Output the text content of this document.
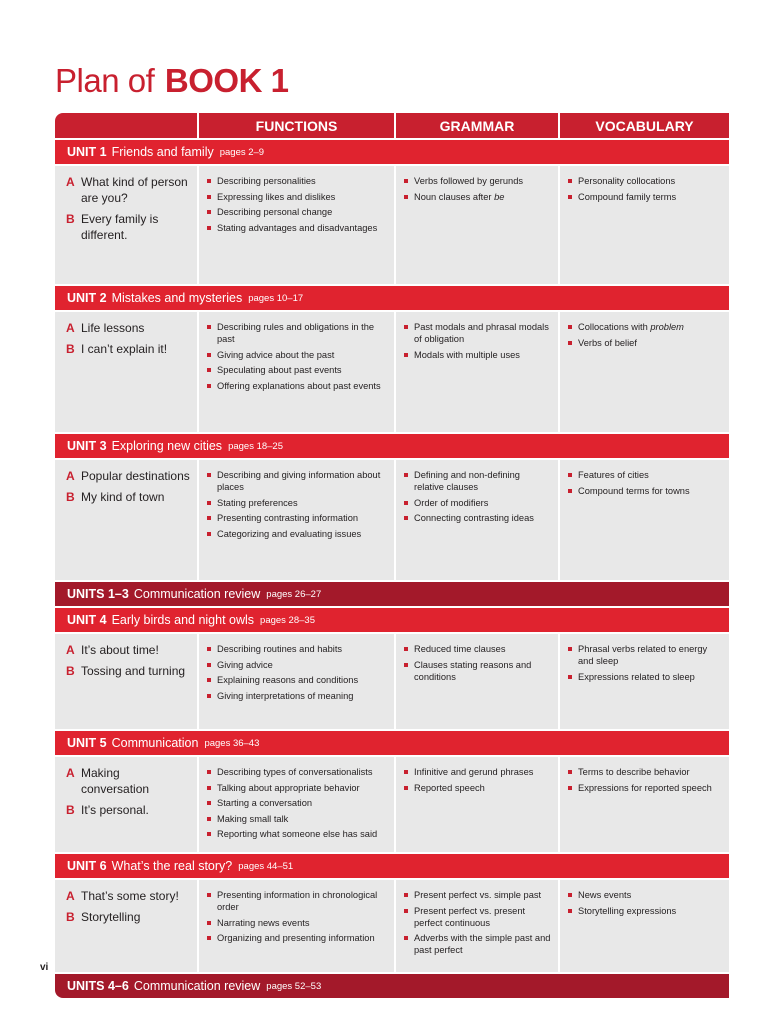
Plan of BOOK 1
FUNCTIONS	GRAMMAR	VOCABULARY
UNIT 1 Friends and family pages 2–9
A What kind of person are you?
B Every family is different.
Describing personalities
Expressing likes and dislikes
Describing personal change
Stating advantages and disadvantages
Verbs followed by gerunds
Noun clauses after be
Personality collocations
Compound family terms
UNIT 2 Mistakes and mysteries pages 10–17
A Life lessons
B I can’t explain it!
Describing rules and obligations in the past
Giving advice about the past
Speculating about past events
Offering explanations about past events
Past modals and phrasal modals of obligation
Modals with multiple uses
Collocations with problem
Verbs of belief
UNIT 3 Exploring new cities pages 18–25
A Popular destinations
B My kind of town
Describing and giving information about places
Stating preferences
Presenting contrasting information
Categorizing and evaluating issues
Defining and non-defining relative clauses
Order of modifiers
Connecting contrasting ideas
Features of cities
Compound terms for towns
UNITS 1–3 Communication review pages 26–27
UNIT 4 Early birds and night owls pages 28–35
A It’s about time!
B Tossing and turning
Describing routines and habits
Giving advice
Explaining reasons and conditions
Giving interpretations of meaning
Reduced time clauses
Clauses stating reasons and conditions
Phrasal verbs related to energy and sleep
Expressions related to sleep
UNIT 5 Communication pages 36–43
A Making conversation
B It’s personal.
Describing types of conversationalists
Talking about appropriate behavior
Starting a conversation
Making small talk
Reporting what someone else has said
Infinitive and gerund phrases
Reported speech
Terms to describe behavior
Expressions for reported speech
UNIT 6 What’s the real story? pages 44–51
A That’s some story!
B Storytelling
Presenting information in chronological order
Narrating news events
Organizing and presenting information
Present perfect vs. simple past
Present perfect vs. present perfect continuous
Adverbs with the simple past and past perfect
News events
Storytelling expressions
UNITS 4–6 Communication review pages 52–53
vi
